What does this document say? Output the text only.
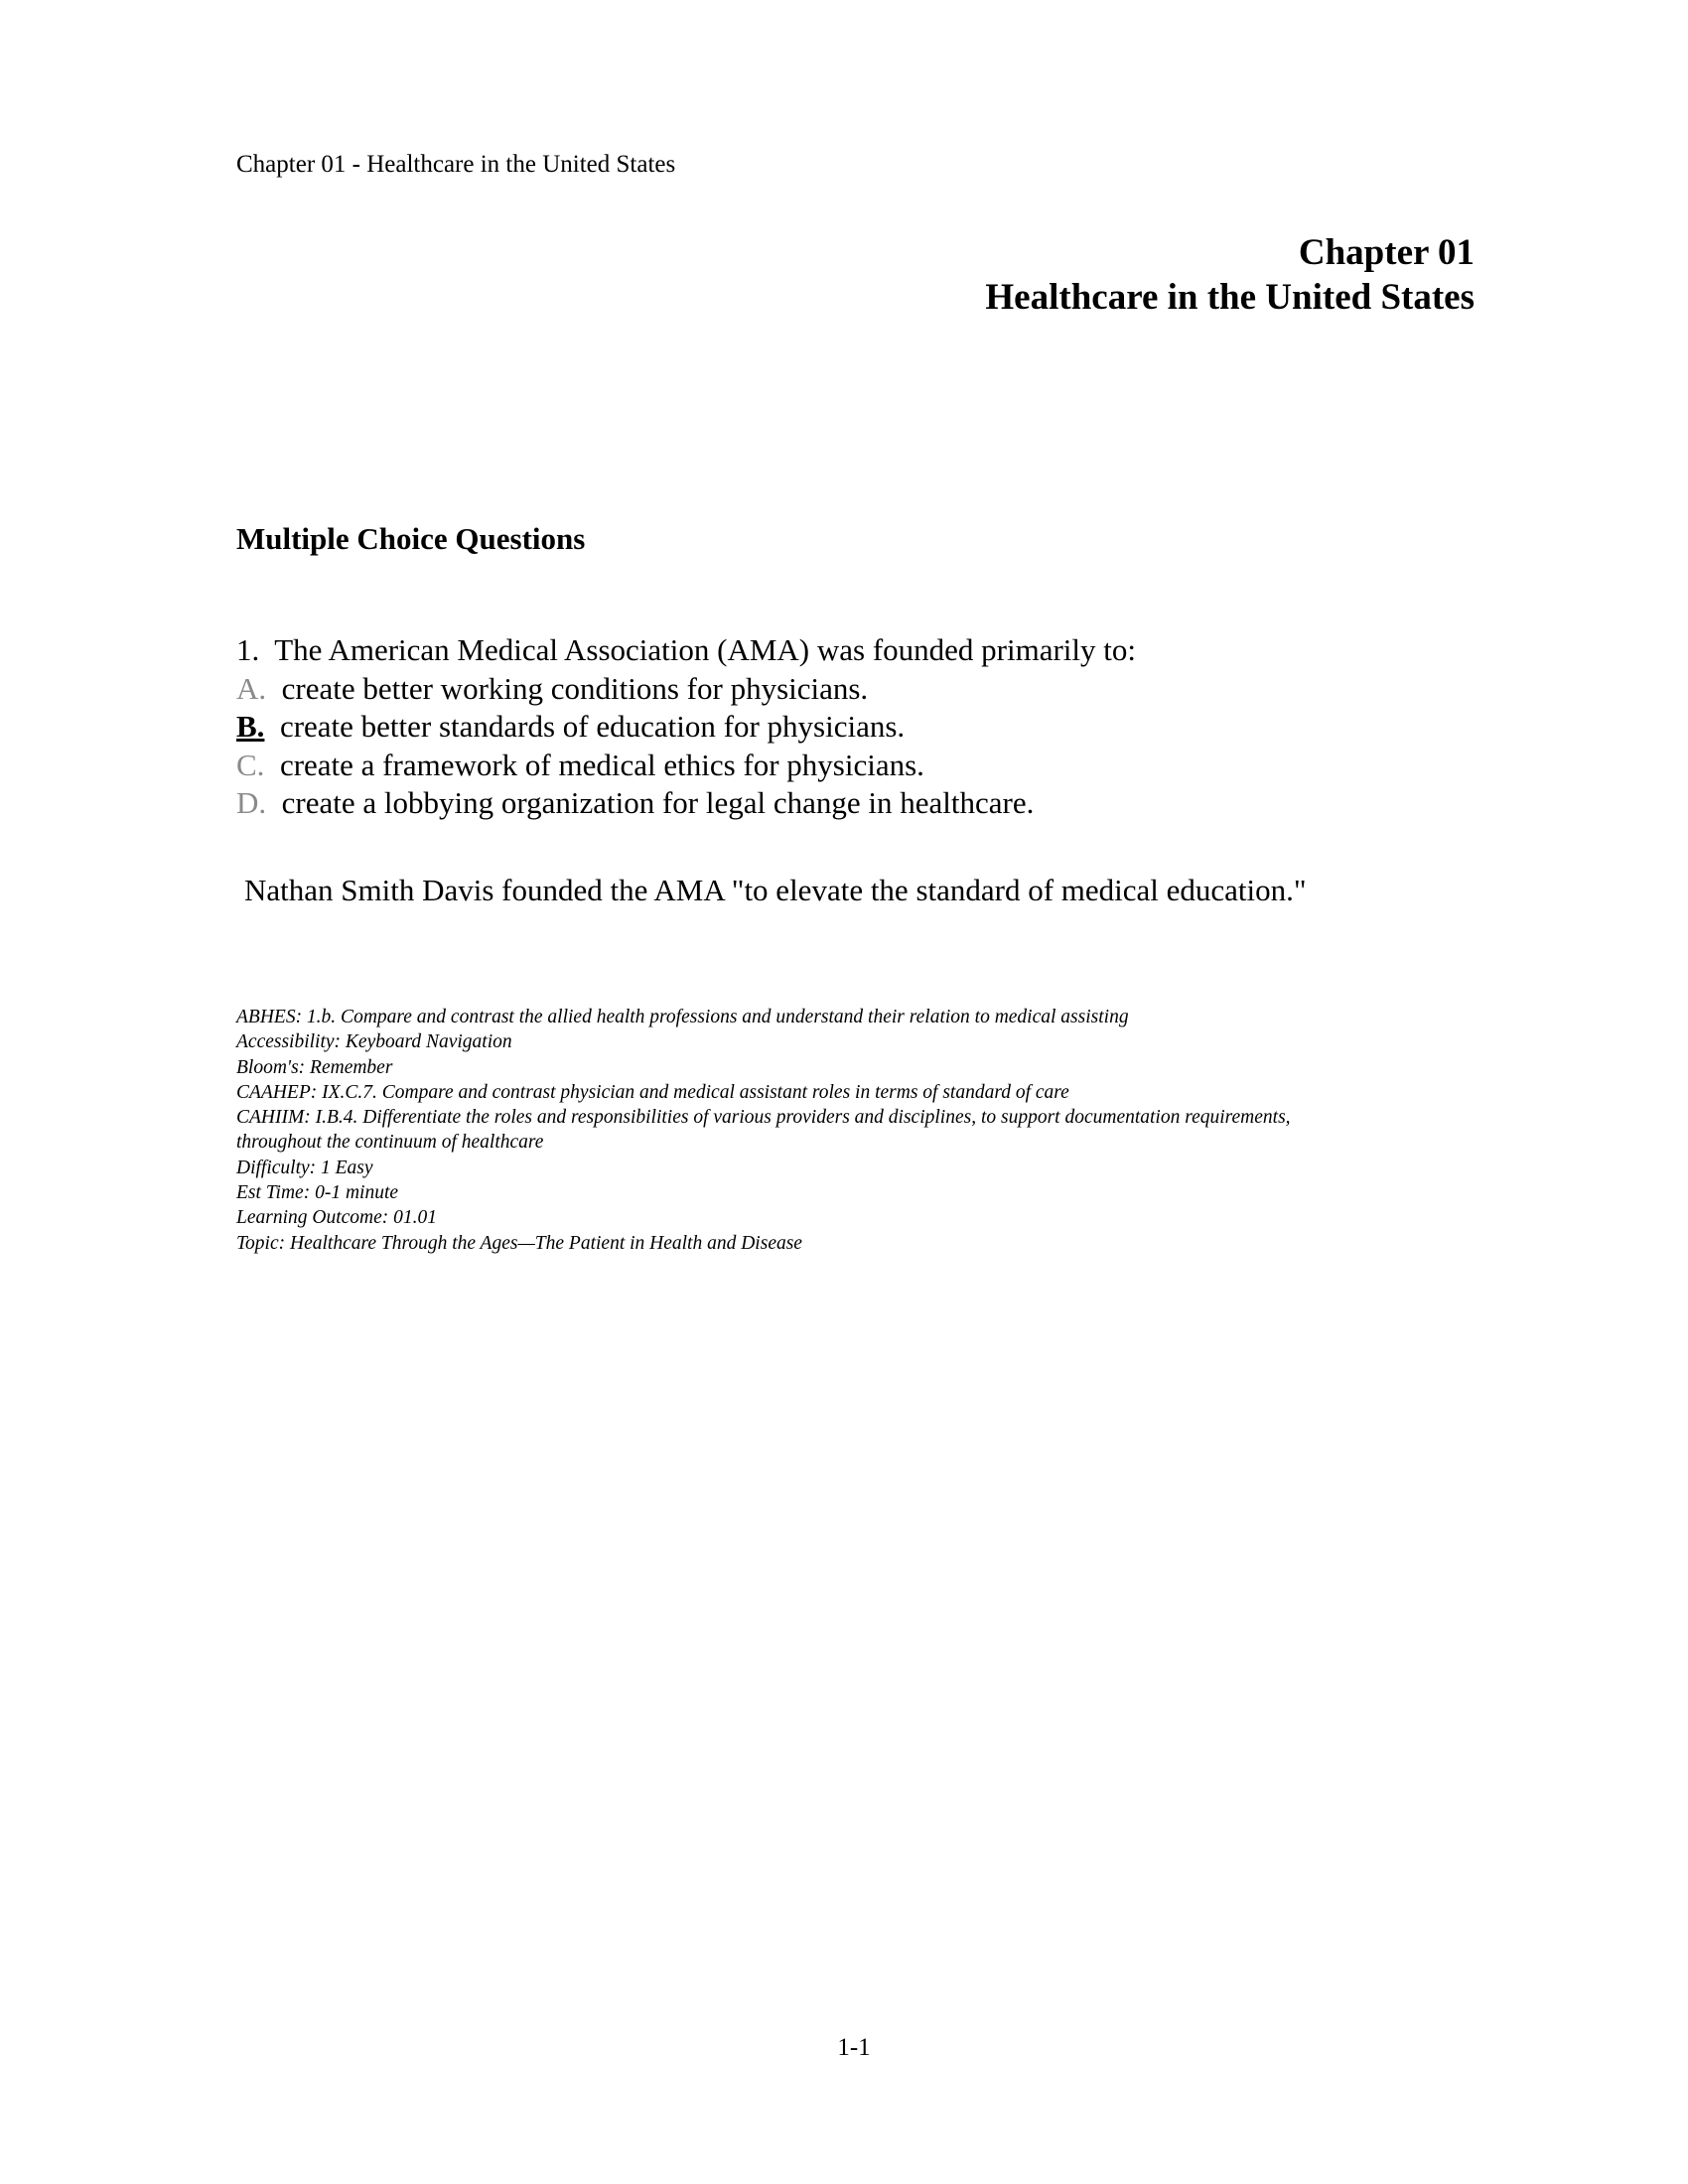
Chapter 01 - Healthcare in the United States
Chapter 01
Healthcare in the United States
Multiple Choice Questions
1. The American Medical Association (AMA) was founded primarily to:
A. create better working conditions for physicians.
B. create better standards of education for physicians.
C. create a framework of medical ethics for physicians.
D. create a lobbying organization for legal change in healthcare.
Nathan Smith Davis founded the AMA "to elevate the standard of medical education."
ABHES: 1.b. Compare and contrast the allied health professions and understand their relation to medical assisting
Accessibility: Keyboard Navigation
Bloom's: Remember
CAAHEP: IX.C.7. Compare and contrast physician and medical assistant roles in terms of standard of care
CAHIIM: I.B.4. Differentiate the roles and responsibilities of various providers and disciplines, to support documentation requirements,
throughout the continuum of healthcare
Difficulty: 1 Easy
Est Time: 0-1 minute
Learning Outcome: 01.01
Topic: Healthcare Through the Ages—The Patient in Health and Disease
1-1
